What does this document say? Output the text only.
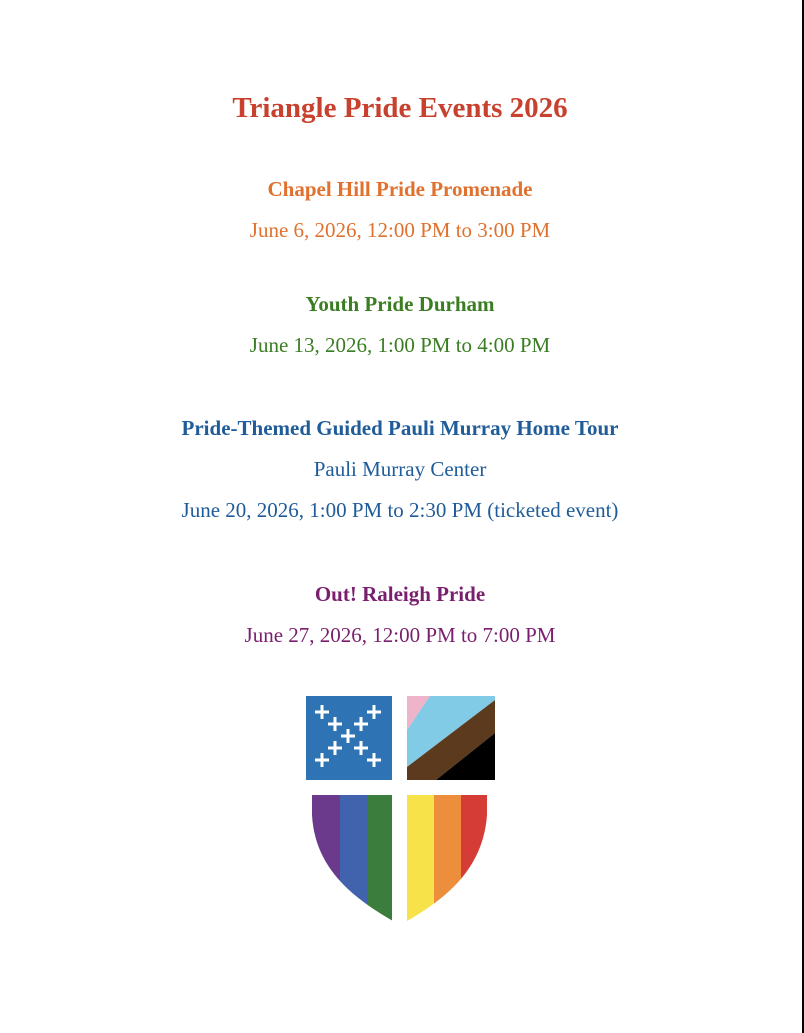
Triangle Pride Events 2026
Chapel Hill Pride Promenade
June 6, 2026, 12:00 PM to 3:00 PM
Youth Pride Durham
June 13, 2026, 1:00 PM to 4:00 PM
Pride-Themed Guided Pauli Murray Home Tour
Pauli Murray Center
June 20, 2026, 1:00 PM to 2:30 PM (ticketed event)
Out! Raleigh Pride
June 27, 2026, 12:00 PM to 7:00 PM
